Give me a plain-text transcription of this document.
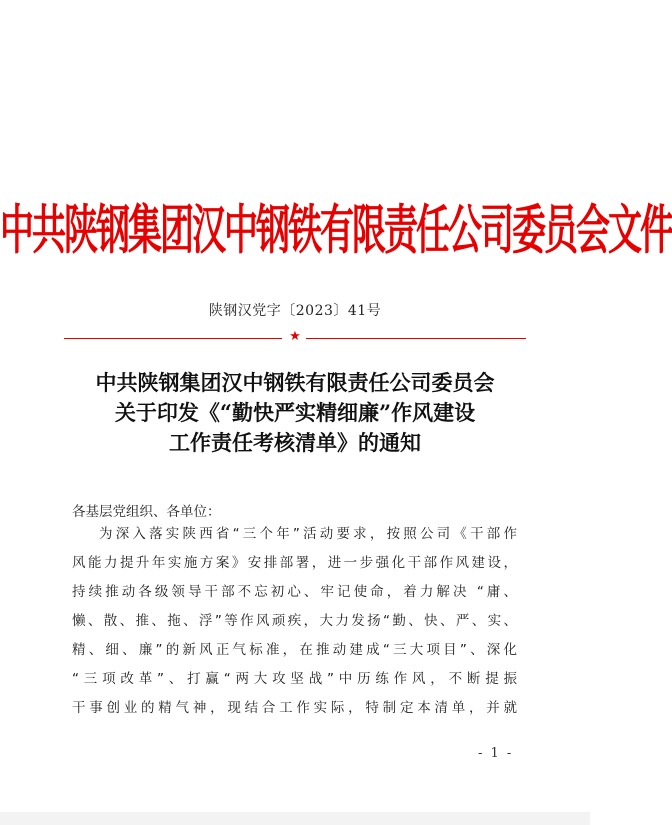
中共陕钢集团汉中钢铁有限责任公司委员会文件
陕钢汉党字〔2023〕41号
★
中共陕钢集团汉中钢铁有限责任公司委员会
关于印发《“勤快严实精细廉”作风建设
工作责任考核清单》的通知
各基层党组织、各单位：
为深入落实陕西省“三个年”活动要求，按照公司《干部作
风能力提升年实施方案》安排部署，进一步强化干部作风建设，
持续推动各级领导干部不忘初心、牢记使命，着力解决 “庸、
懒、散、推、拖、浮”等作风顽疾，大力发扬“勤、快、严、实、
精、细、廉”的新风正气标准，在推动建成“三大项目”、深化
“三项改革”、打赢“两大攻坚战”中历练作风，不断提振
干事创业的精气神，现结合工作实际，特制定本清单，并就
- 1 -
